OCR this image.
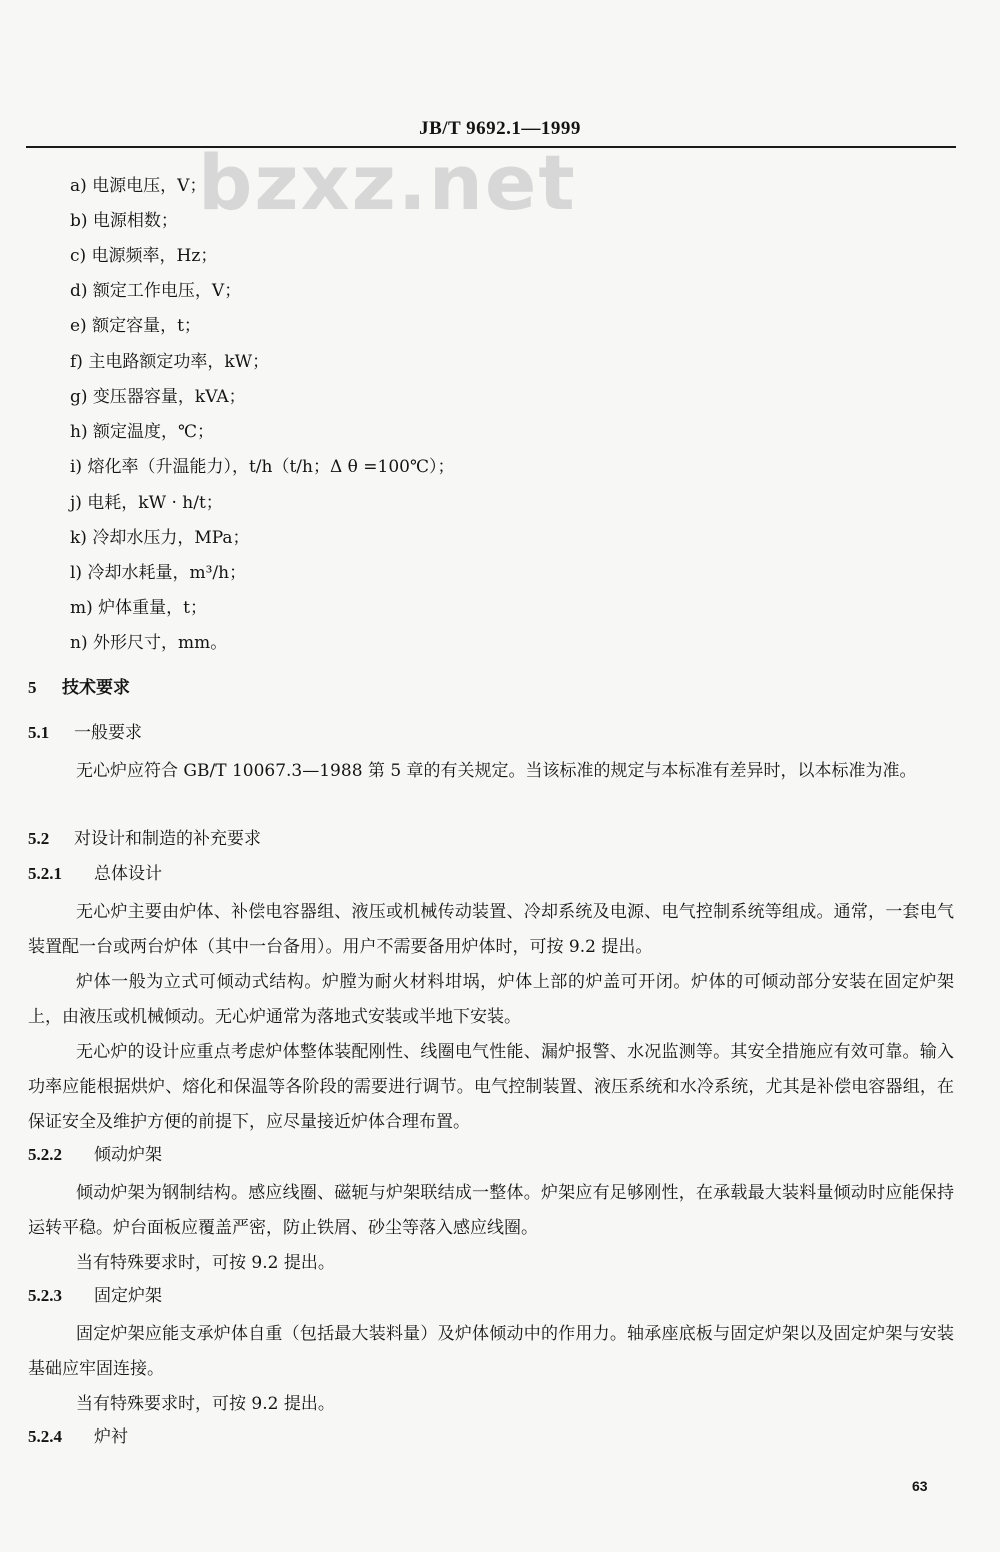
JB/T 9692.1—1999
bzxz.net
a) 电源电压，V；
b) 电源相数；
c) 电源频率，Hz；
d) 额定工作电压，V；
e) 额定容量，t；
f) 主电路额定功率，kW；
g) 变压器容量，kVA；
h) 额定温度，℃；
i) 熔化率（升温能力），t/h（t/h；Δ θ =100℃）；
j) 电耗，kW · h/t；
k) 冷却水压力，MPa；
l) 冷却水耗量，m³/h；
m) 炉体重量，t；
n) 外形尺寸，mm。
5 技术要求
5.1 一般要求
无心炉应符合 GB/T 10067.3—1988 第 5 章的有关规定。当该标准的规定与本标准有差异时，以本标准为准。
5.2 对设计和制造的补充要求
5.2.1 总体设计
无心炉主要由炉体、补偿电容器组、液压或机械传动装置、冷却系统及电源、电气控制系统等组成。通常，一套电气装置配一台或两台炉体（其中一台备用）。用户不需要备用炉体时，可按 9.2 提出。
炉体一般为立式可倾动式结构。炉膛为耐火材料坩埚，炉体上部的炉盖可开闭。炉体的可倾动部分安装在固定炉架上，由液压或机械倾动。无心炉通常为落地式安装或半地下安装。
无心炉的设计应重点考虑炉体整体装配刚性、线圈电气性能、漏炉报警、水况监测等。其安全措施应有效可靠。输入功率应能根据烘炉、熔化和保温等各阶段的需要进行调节。电气控制装置、液压系统和水冷系统，尤其是补偿电容器组，在保证安全及维护方便的前提下，应尽量接近炉体合理布置。
5.2.2 倾动炉架
倾动炉架为钢制结构。感应线圈、磁轭与炉架联结成一整体。炉架应有足够刚性，在承载最大装料量倾动时应能保持运转平稳。炉台面板应覆盖严密，防止铁屑、砂尘等落入感应线圈。
当有特殊要求时，可按 9.2 提出。
5.2.3 固定炉架
固定炉架应能支承炉体自重（包括最大装料量）及炉体倾动中的作用力。轴承座底板与固定炉架以及固定炉架与安装基础应牢固连接。
当有特殊要求时，可按 9.2 提出。
5.2.4 炉衬
63
